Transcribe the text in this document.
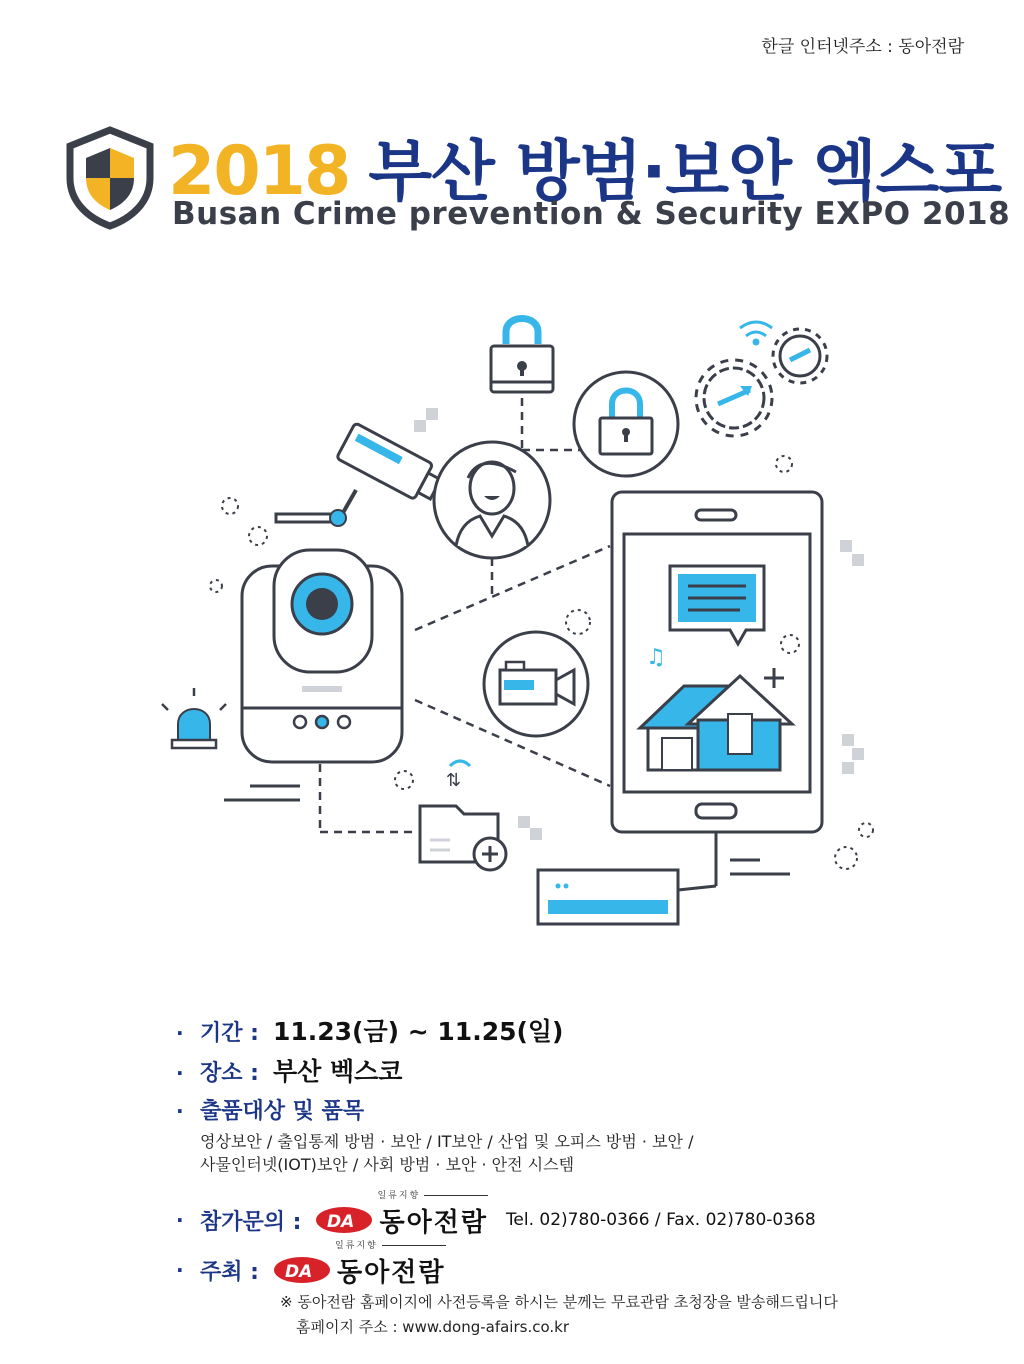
한글 인터넷주소 : 동아전람
2018 부산 방범·보안 엑스포
Busan Crime prevention & Security EXPO 2018
♫
⇅
· 기간 : 11.23(금) ~ 11.25(일)
· 장소 : 부산 벡스코
· 출품대상 및 품목
영상보안 / 출입통제 방범 · 보안 / IT보안 / 산업 및 오피스 방범 · 보안 /
사물인터넷(IOT)보안 / 사회 방범 · 보안 · 안전 시스템
· 참가문의 :
일류지향
DA 동아전람 Tel. 02)780-0366 / Fax. 02)780-0368
· 주최 :
일류지향
DA 동아전람
※ 동아전람 홈페이지에 사전등록을 하시는 분께는 무료관람 초청장을 발송해드립니다
홈페이지 주소 : www.dong-afairs.co.kr
